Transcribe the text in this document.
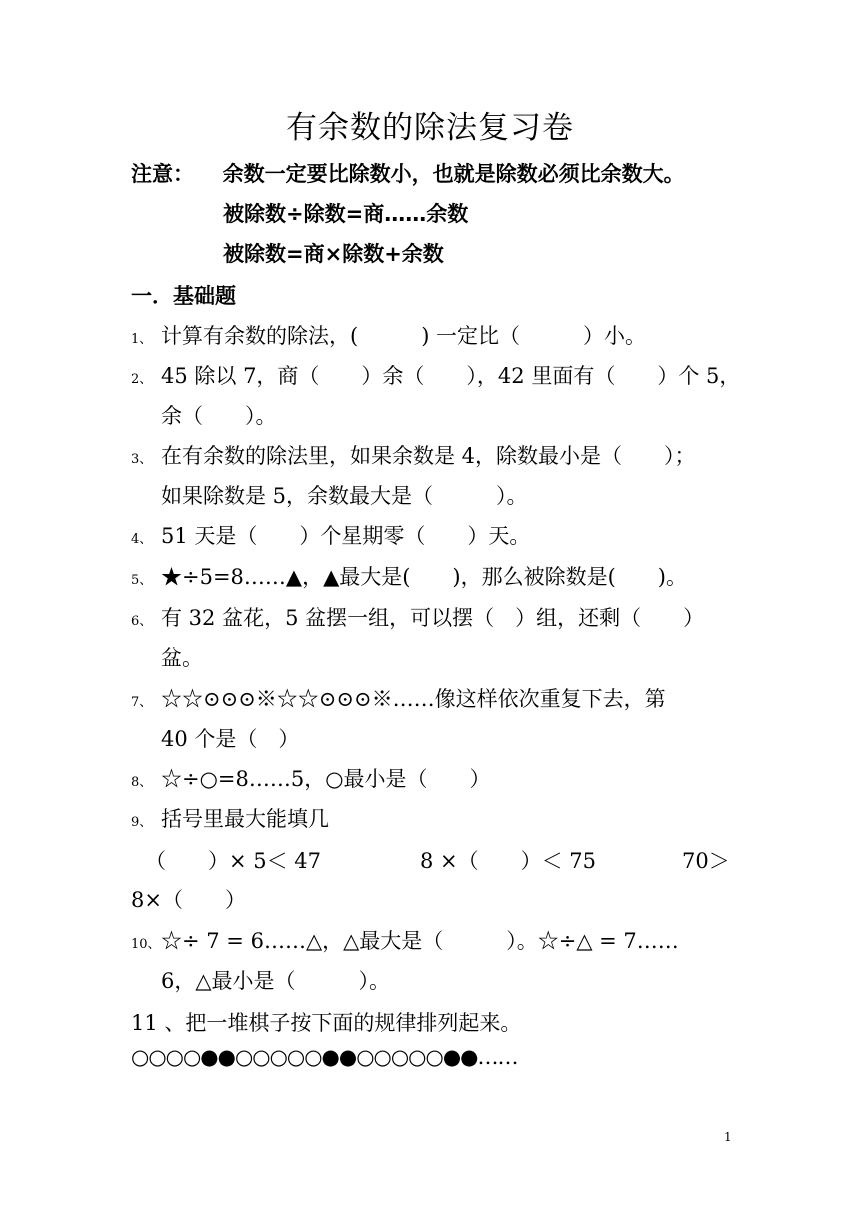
有余数的除法复习卷
注意： 余数一定要比除数小，也就是除数必须比余数大。
被除数÷除数=商……余数
被除数=商×除数+余数
一．基础题
1、 计算有余数的除法，(　　　) 一定比（　　　）小。
2、 45 除以 7，商（　　）余（　　），42 里面有（　　）个 5，
余（　　）。
3、 在有余数的除法里，如果余数是 4，除数最小是（　　）；
如果除数是 5，余数最大是（　　　）。
4、 51 天是（　　）个星期零（　　）天。
5、 ★÷5=8……▲，▲最大是(　　)，那么被除数是(　　)。
6、 有 32 盆花，5 盆摆一组，可以摆（　）组，还剩（　　）
盆。
7、 ☆☆⊙⊙⊙※☆☆⊙⊙⊙※……像这样依次重复下去，第
40 个是（　）
8、 ☆÷○=8……5，○最小是（　　）
9、 括号里最大能填几
（　　）× 5＜ 47	8 ×（　　）＜ 75	70＞
8×（　　）
10、☆÷ 7 = 6……△，△最大是（　　　）。☆÷△ = 7……
6，△最小是（　　　）。
11 、把一堆棋子按下面的规律排列起来。
○○○○●●○○○○○●●○○○○○●●……
1
